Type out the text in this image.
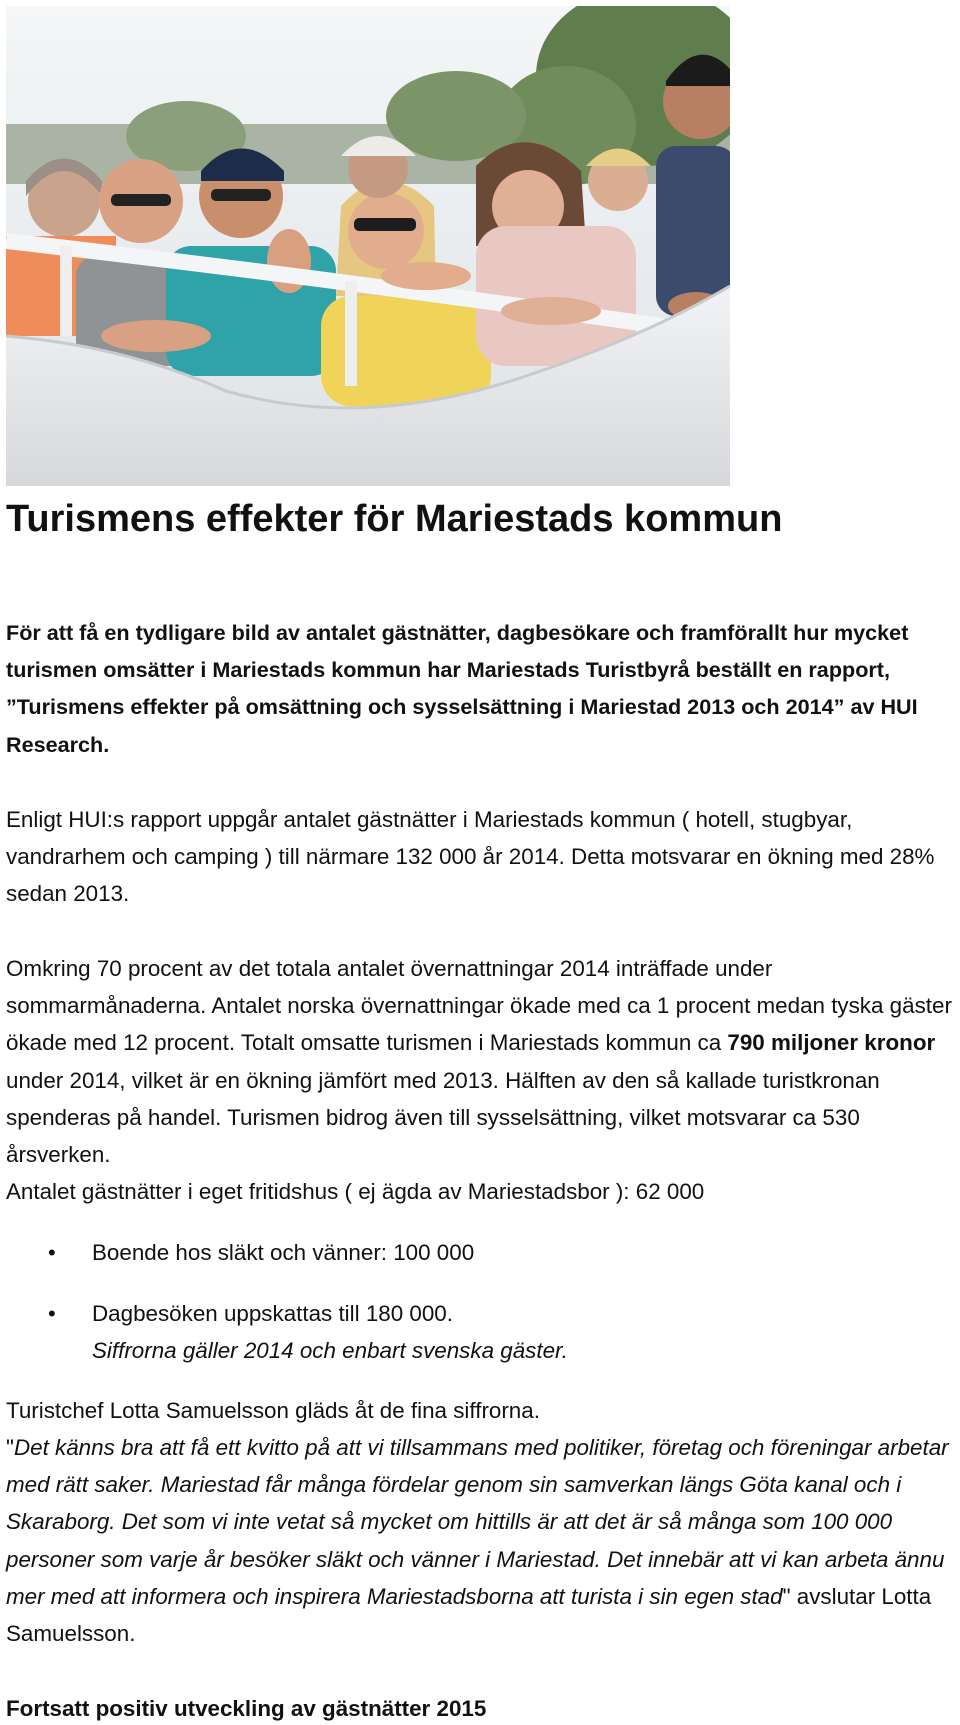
Turismens effekter för Mariestads kommun

För att få en tydligare bild av antalet gästnätter, dagbesökare och framförallt hur mycket turismen omsätter i Mariestads kommun har Mariestads Turistbyrå beställt en rapport, ”Turismens effekter på omsättning och sysselsättning i Mariestad 2013 och 2014” av HUI Research.

Enligt HUI:s rapport uppgår antalet gästnätter i Mariestads kommun ( hotell, stugbyar, vandrarhem och camping ) till närmare 132 000 år 2014. Detta motsvarar en ökning med 28% sedan 2013.

Omkring 70 procent av det totala antalet övernattningar 2014 inträffade under sommarmånaderna. Antalet norska övernattningar ökade med ca 1 procent medan tyska gäster ökade med 12 procent. Totalt omsatte turismen i Mariestads kommun ca 790 miljoner kronor under 2014, vilket är en ökning jämfört med 2013. Hälften av den så kallade turistkronan spenderas på handel. Turismen bidrog även till sysselsättning, vilket motsvarar ca 530 årsverken.

Antalet gästnätter i eget fritidshus ( ej ägda av Mariestadsbor ): 62 000

• Boende hos släkt och vänner: 100 000
• Dagbesöken uppskattas till 180 000.
Siffrorna gäller 2014 och enbart svenska gäster.

Turistchef Lotta Samuelsson gläds åt de fina siffrorna.

"Det känns bra att få ett kvitto på att vi tillsammans med politiker, företag och föreningar arbetar med rätt saker. Mariestad får många fördelar genom sin samverkan längs Göta kanal och i Skaraborg. Det som vi inte vetat så mycket om hittills är att det är så många som 100 000 personer som varje år besöker släkt och vänner i Mariestad. Det innebär att vi kan arbeta ännu mer med att informera och inspirera Mariestadsborna att turista i sin egen stad" avslutar Lotta Samuelsson.

Fortsatt positiv utveckling av gästnätter 2015
